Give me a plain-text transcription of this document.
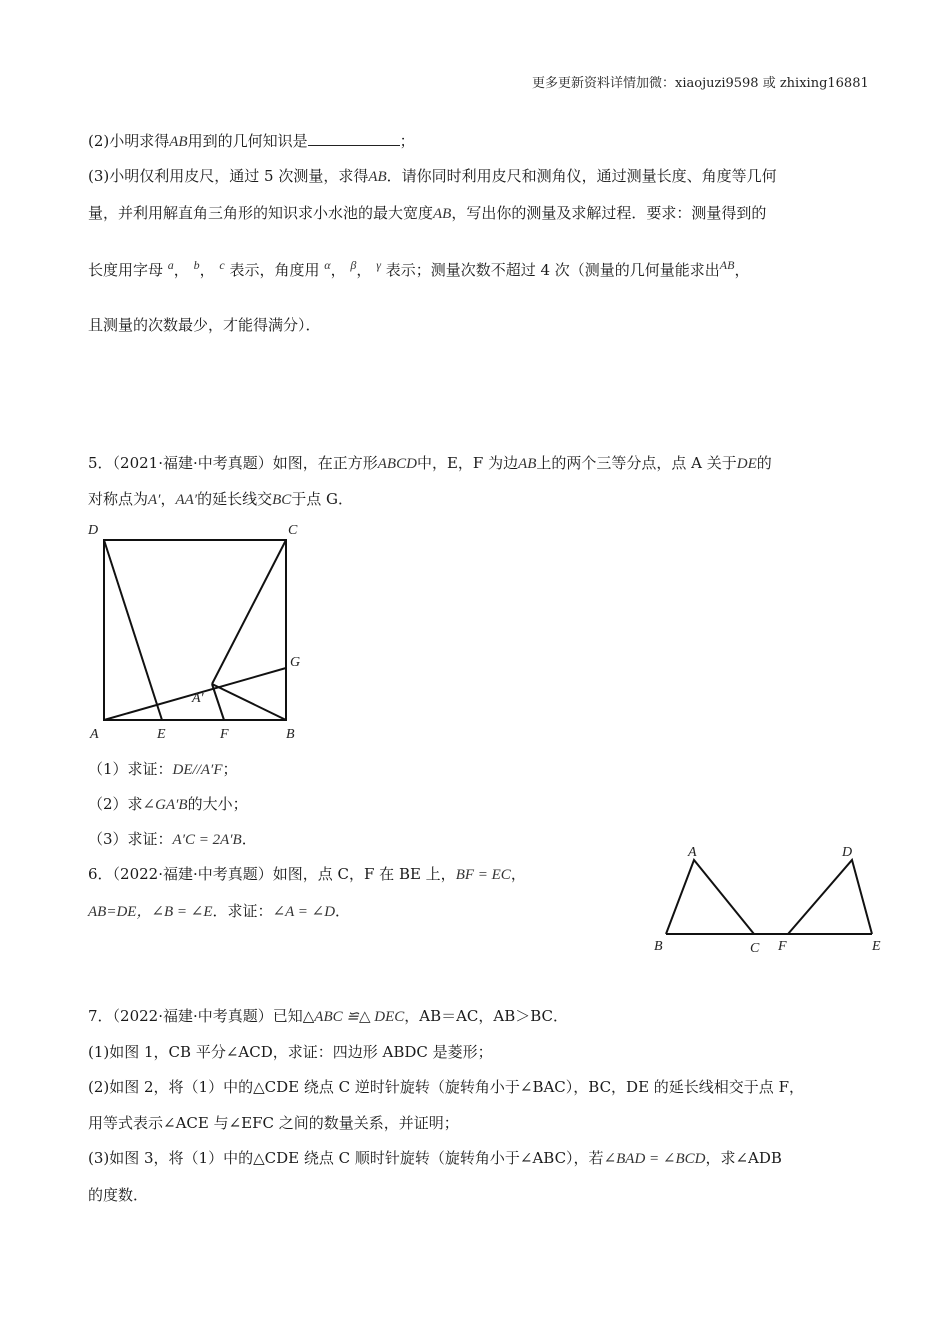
更多更新资料详情加微：xiaojuzi9598 或 zhixing16881
(2)小明求得AB用到的几何知识是	；
(3)小明仅利用皮尺，通过 5 次测量，求得AB．请你同时利用皮尺和测角仪，通过测量长度、角度等几何
量，并利用解直角三角形的知识求小水池的最大宽度AB，写出你的测量及求解过程．要求：测量得到的
长度用字母 $^a$， $^b$， $^c$ 表示，角度用 $^\alpha$， $^\beta$， $^\gamma$ 表示；测量次数不超过 4 次（测量的几何量能求出$^{AB}$，
且测量的次数最少，才能得满分）．
5．（2021·福建·中考真题）如图，在正方形ABCD中，E，F 为边AB上的两个三等分点，点 A 关于DE的
对称点为A′，AA′的延长线交BC于点 G．
D	C
G
A′
A	E	F	B
（1）求证：DE//A′F；
（2）求∠GA′B的大小；
（3）求证：A′C = 2A′B．
6．（2022·福建·中考真题）如图，点 C，F 在 BE 上，BF = EC，
AB=DE，∠B = ∠E．求证：∠A = ∠D．
A
B	C F
D
E
7．（2022·福建·中考真题）已知△ABC ≌△ DEC，AB＝AC，AB＞BC．
(1)如图 1，CB 平分∠ACD，求证：四边形 ABDC 是菱形；
(2)如图 2，将（1）中的△CDE 绕点 C 逆时针旋转（旋转角小于∠BAC），BC，DE 的延长线相交于点 F，
用等式表示∠ACE 与∠EFC 之间的数量关系，并证明；
(3)如图 3，将（1）中的△CDE 绕点 C 顺时针旋转（旋转角小于∠ABC），若∠BAD = ∠BCD，求∠ADB
的度数．
